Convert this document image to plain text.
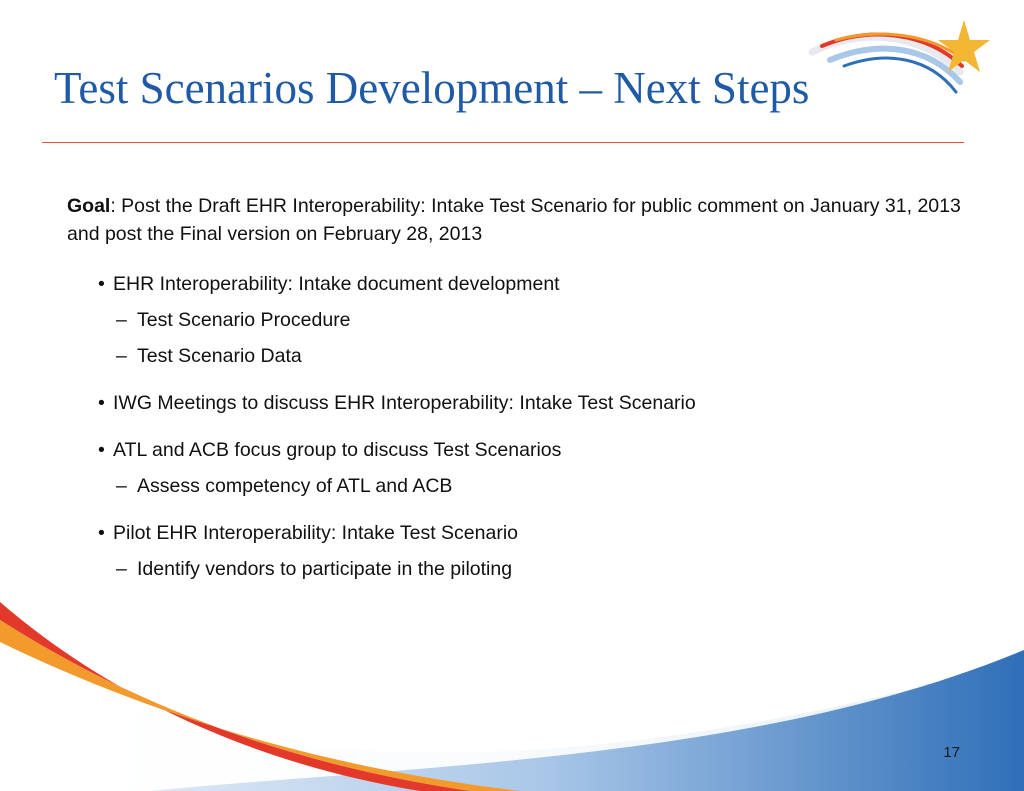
Test Scenarios Development – Next Steps

Goal: Post the Draft EHR Interoperability: Intake Test Scenario for public comment on January 31, 2013 and post the Final version on February 28, 2013

• EHR Interoperability: Intake document development
– Test Scenario Procedure
– Test Scenario Data
• IWG Meetings to discuss EHR Interoperability: Intake Test Scenario
• ATL and ACB focus group to discuss Test Scenarios
– Assess competency of ATL and ACB
• Pilot EHR Interoperability: Intake Test Scenario
– Identify vendors to participate in the piloting
17
